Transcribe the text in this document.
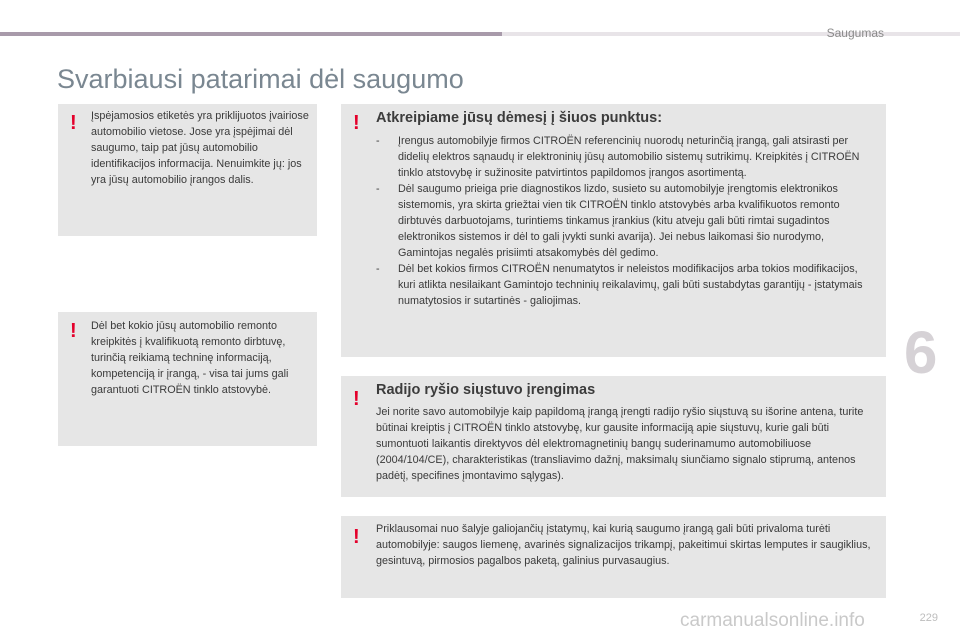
Saugumas
Svarbiausi patarimai dėl saugumo
! Įspėjamosios etiketės yra priklijuotos įvairiose automobilio vietose. Jose yra įspėjimai dėl saugumo, taip pat jūsų automobilio identifikacijos informacija. Nenuimkite jų: jos yra jūsų automobilio įrangos dalis.

! Dėl bet kokio jūsų automobilio remonto kreipkitės į kvalifikuotą remonto dirbtuvę, turinčią reikiamą techninę informaciją, kompetenciją ir įrangą, - visa tai jums gali garantuoti CITROËN tinklo atstovybė.

! Atkreipiame jūsų dėmesį į šiuos punktus:
- Įrengus automobilyje firmos CITROËN referencinių nuorodų neturinčią įrangą, gali atsirasti per didelių elektros sąnaudų ir elektroninių jūsų automobilio sistemų sutrikimų. Kreipkitės į CITROËN tinklo atstovybę ir sužinosite patvirtintos papildomos įrangos asortimentą.
- Dėl saugumo prieiga prie diagnostikos lizdo, susieto su automobilyje įrengtomis elektronikos sistemomis, yra skirta griežtai vien tik CITROËN tinklo atstovybės arba kvalifikuotos remonto dirbtuvės darbuotojams, turintiems tinkamus įrankius (kitu atveju gali būti rimtai sugadintos elektronikos sistemos ir dėl to gali įvykti sunki avarija). Jei nebus laikomasi šio nurodymo, Gamintojas negalės prisiimti atsakomybės dėl gedimo.
- Dėl bet kokios firmos CITROËN nenumatytos ir neleistos modifikacijos arba tokios modifikacijos, kuri atlikta nesilaikant Gamintojo techninių reikalavimų, gali būti sustabdytas garantijų - įstatymais numatytosios ir sutartinės - galiojimas.
! Radijo ryšio siųstuvo įrengimas

Jei norite savo automobilyje kaip papildomą įrangą įrengti radijo ryšio siųstuvą su išorine antena, turite būtinai kreiptis į CITROËN tinklo atstovybę, kur gausite informaciją apie siųstuvų, kurie gali būti sumontuoti laikantis direktyvos dėl elektromagnetinių bangų suderinamumo automobiliuose (2004/104/CE), charakteristikas (transliavimo dažnį, maksimalų siunčiamo signalo stiprumą, antenos padėtį, specifines įmontavimo sąlygas).

! Priklausomai nuo šalyje galiojančių įstatymų, kai kurią saugumo įrangą gali būti privaloma turėti automobilyje: saugos liemenę, avarinės signalizacijos trikampį, pakeitimui skirtas lemputes ir saugiklius, gesintuvą, pirmosios pagalbos paketą, galinius purvasaugius.

6
229
carmanualsonline.info
